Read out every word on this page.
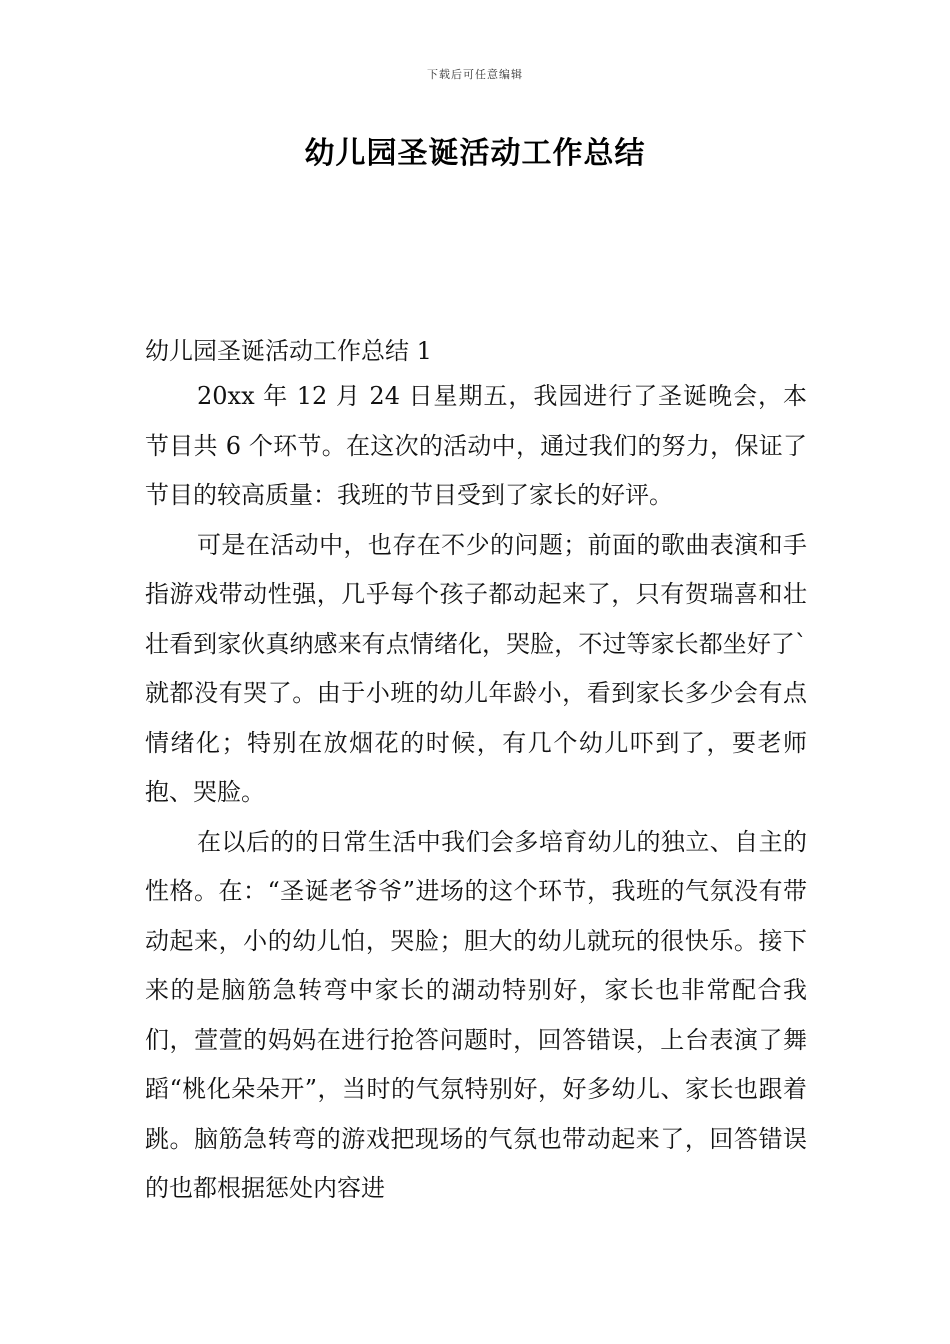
下载后可任意编辑
幼儿园圣诞活动工作总结
幼儿园圣诞活动工作总结 1

20xx 年 12 月 24 日星期五，我园进行了圣诞晚会，本节目共 6 个环节。在这次的活动中，通过我们的努力，保证了节目的较高质量：我班的节目受到了家长的好评。

可是在活动中，也存在不少的问题；前面的歌曲表演和手指游戏带动性强，几乎每个孩子都动起来了，只有贺瑞喜和壮壮看到家伙真纳感来有点情绪化，哭脸，不过等家长都坐好了`就都没有哭了。由于小班的幼儿年龄小，看到家长多少会有点情绪化；特别在放烟花的时候，有几个幼儿吓到了，要老师抱、哭脸。

在以后的的日常生活中我们会多培育幼儿的独立、自主的性格。在：“圣诞老爷爷”进场的这个环节，我班的气氛没有带动起来，小的幼儿怕，哭脸；胆大的幼儿就玩的很快乐。接下来的是脑筋急转弯中家长的湖动特别好，家长也非常配合我们，萱萱的妈妈在进行抢答问题时，回答错误，上台表演了舞蹈“桃化朵朵开”，当时的气氛特别好，好多幼儿、家长也跟着跳。脑筋急转弯的游戏把现场的气氛也带动起来了，回答错误的也都根据惩处内容进
